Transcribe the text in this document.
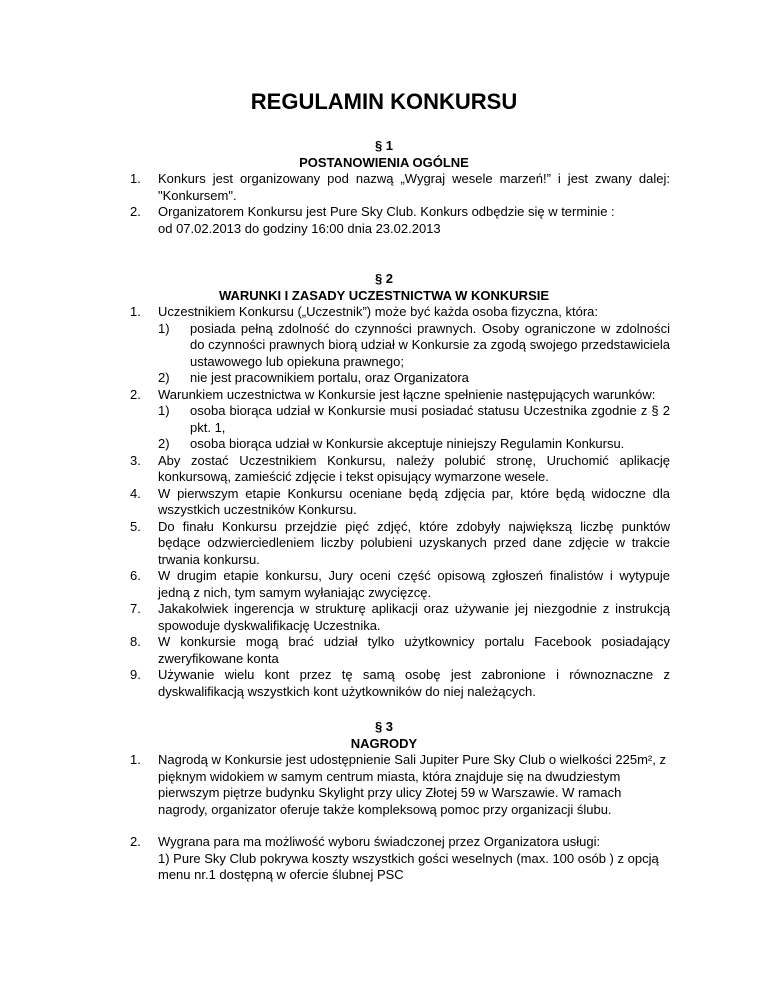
REGULAMIN KONKURSU
§ 1
POSTANOWIENIA OGÓLNE
1. Konkurs jest organizowany pod nazwą „Wygraj wesele marzeń!” i jest zwany dalej: "Konkursem".
2. Organizatorem Konkursu jest Pure Sky Club. Konkurs odbędzie się w terminie :
od 07.02.2013 do godziny 16:00 dnia 23.02.2013
§ 2
WARUNKI I ZASADY UCZESTNICTWA W KONKURSIE
1. Uczestnikiem Konkursu („Uczestnik”) może być każda osoba fizyczna, która:
1) posiada pełną zdolność do czynności prawnych. Osoby ograniczone w zdolności do czynności prawnych biorą udział w Konkursie za zgodą swojego przedstawiciela ustawowego lub opiekuna prawnego;
2) nie jest pracownikiem portalu, oraz Organizatora
2. Warunkiem uczestnictwa w Konkursie jest łączne spełnienie następujących warunków:
1) osoba biorąca udział w Konkursie musi posiadać statusu Uczestnika zgodnie z § 2 pkt. 1,
2) osoba biorąca udział w Konkursie akceptuje niniejszy Regulamin Konkursu.
3. Aby zostać Uczestnikiem Konkursu, należy polubić stronę, Uruchomić aplikację konkursową, zamieścić zdjęcie i tekst opisujący wymarzone wesele.
4. W pierwszym etapie Konkursu oceniane będą zdjęcia par, które będą widoczne dla wszystkich uczestników Konkursu.
5. Do finału Konkursu przejdzie pięć zdjęć, które zdobyły największą liczbę punktów będące odzwierciedleniem liczby polubieni uzyskanych przed dane zdjęcie w trakcie trwania konkursu.
6. W drugim etapie konkursu, Jury oceni część opisową zgłoszeń finalistów i wytypuje jedną z nich, tym samym wyłaniając zwycięzcę.
7. Jakakolwiek ingerencja w strukturę aplikacji oraz używanie jej niezgodnie z instrukcją spowoduje dyskwalifikację Uczestnika.
8. W konkursie mogą brać udział tylko użytkownicy portalu Facebook posiadający zweryfikowane konta
9. Używanie wielu kont przez tę samą osobę jest zabronione i równoznaczne z dyskwalifikacją wszystkich kont użytkowników do niej należących.
§ 3
NAGRODY
1. Nagrodą w Konkursie jest udostępnienie Sali Jupiter Pure Sky Club o wielkości 225m², z
pięknym widokiem w samym centrum miasta, która znajduje się na dwudziestym
pierwszym piętrze budynku Skylight przy ulicy Złotej 59 w Warszawie. W ramach
nagrody, organizator oferuje także kompleksową pomoc przy organizacji ślubu.
2. Wygrana para ma możliwość wyboru świadczonej przez Organizatora usługi:
1) Pure Sky Club pokrywa koszty wszystkich gości weselnych (max. 100 osób ) z opcją
menu nr.1 dostępną w ofercie ślubnej PSC
